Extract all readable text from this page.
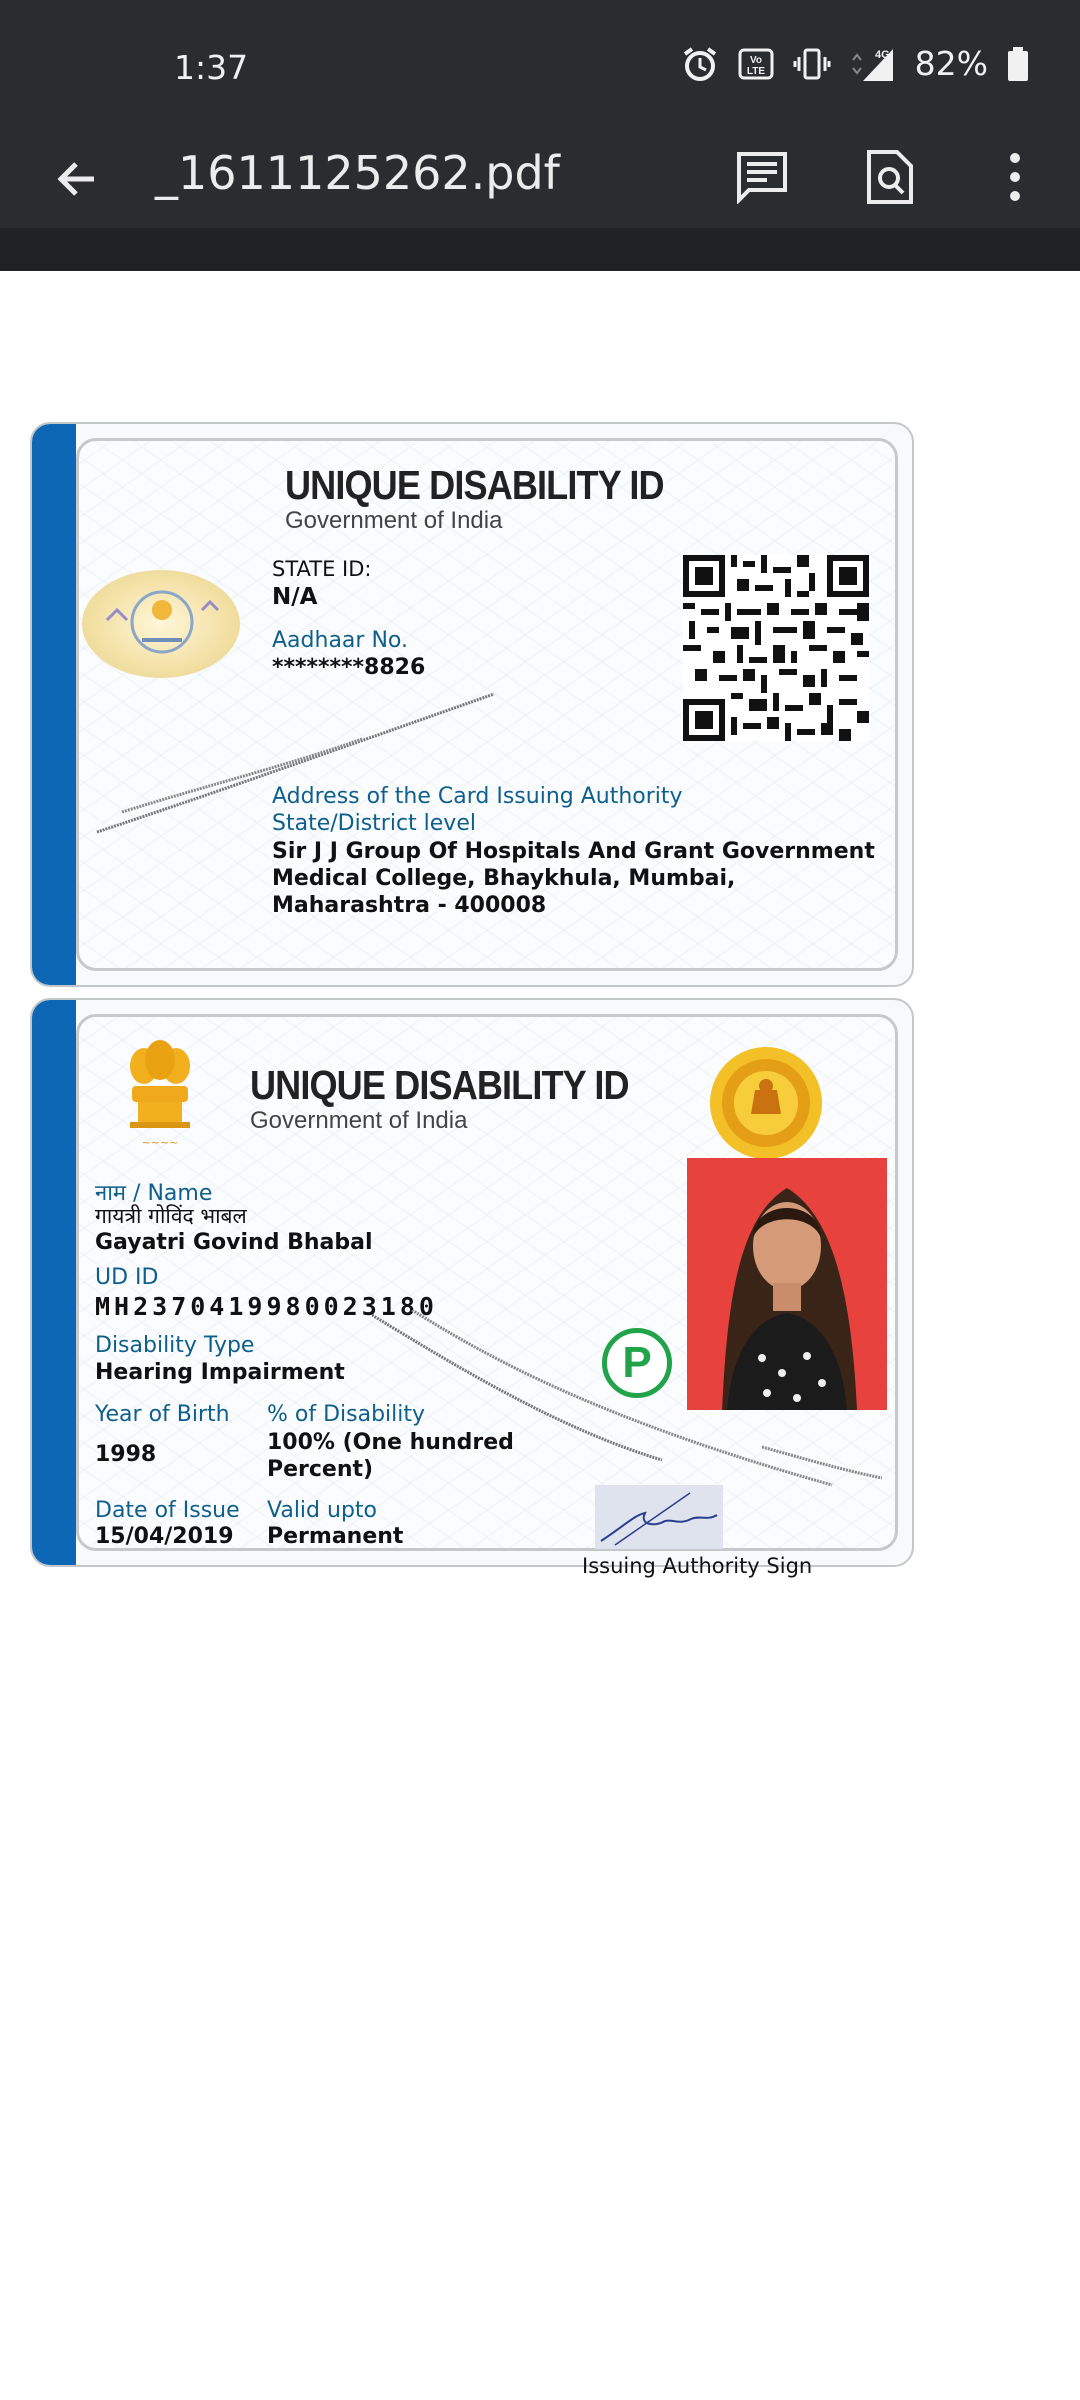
1:37	Vo
LTE
4G 82%
_1611125262.pdf
UNIQUE DISABILITY ID
Government of India
STATE ID:
N/A
Aadhaar No.
********8826
Address of the Card Issuing Authority State/District level
Sir J J Group Of Hospitals And Grant Government Medical College, Bhaykhula, Mumbai, Maharashtra - 400008
~~~~
UNIQUE DISABILITY ID
Government of India
नाम / Name
गायत्री गोविंद भाबल
Gayatri Govind Bhabal
UD ID
MH2370419980023180
Disability Type
Hearing Impairment
Year of Birth
1998
% of Disability
100% (One hundred Percent)
Date of Issue
15/04/2019
Valid upto
Permanent
P
Issuing Authority Sign
